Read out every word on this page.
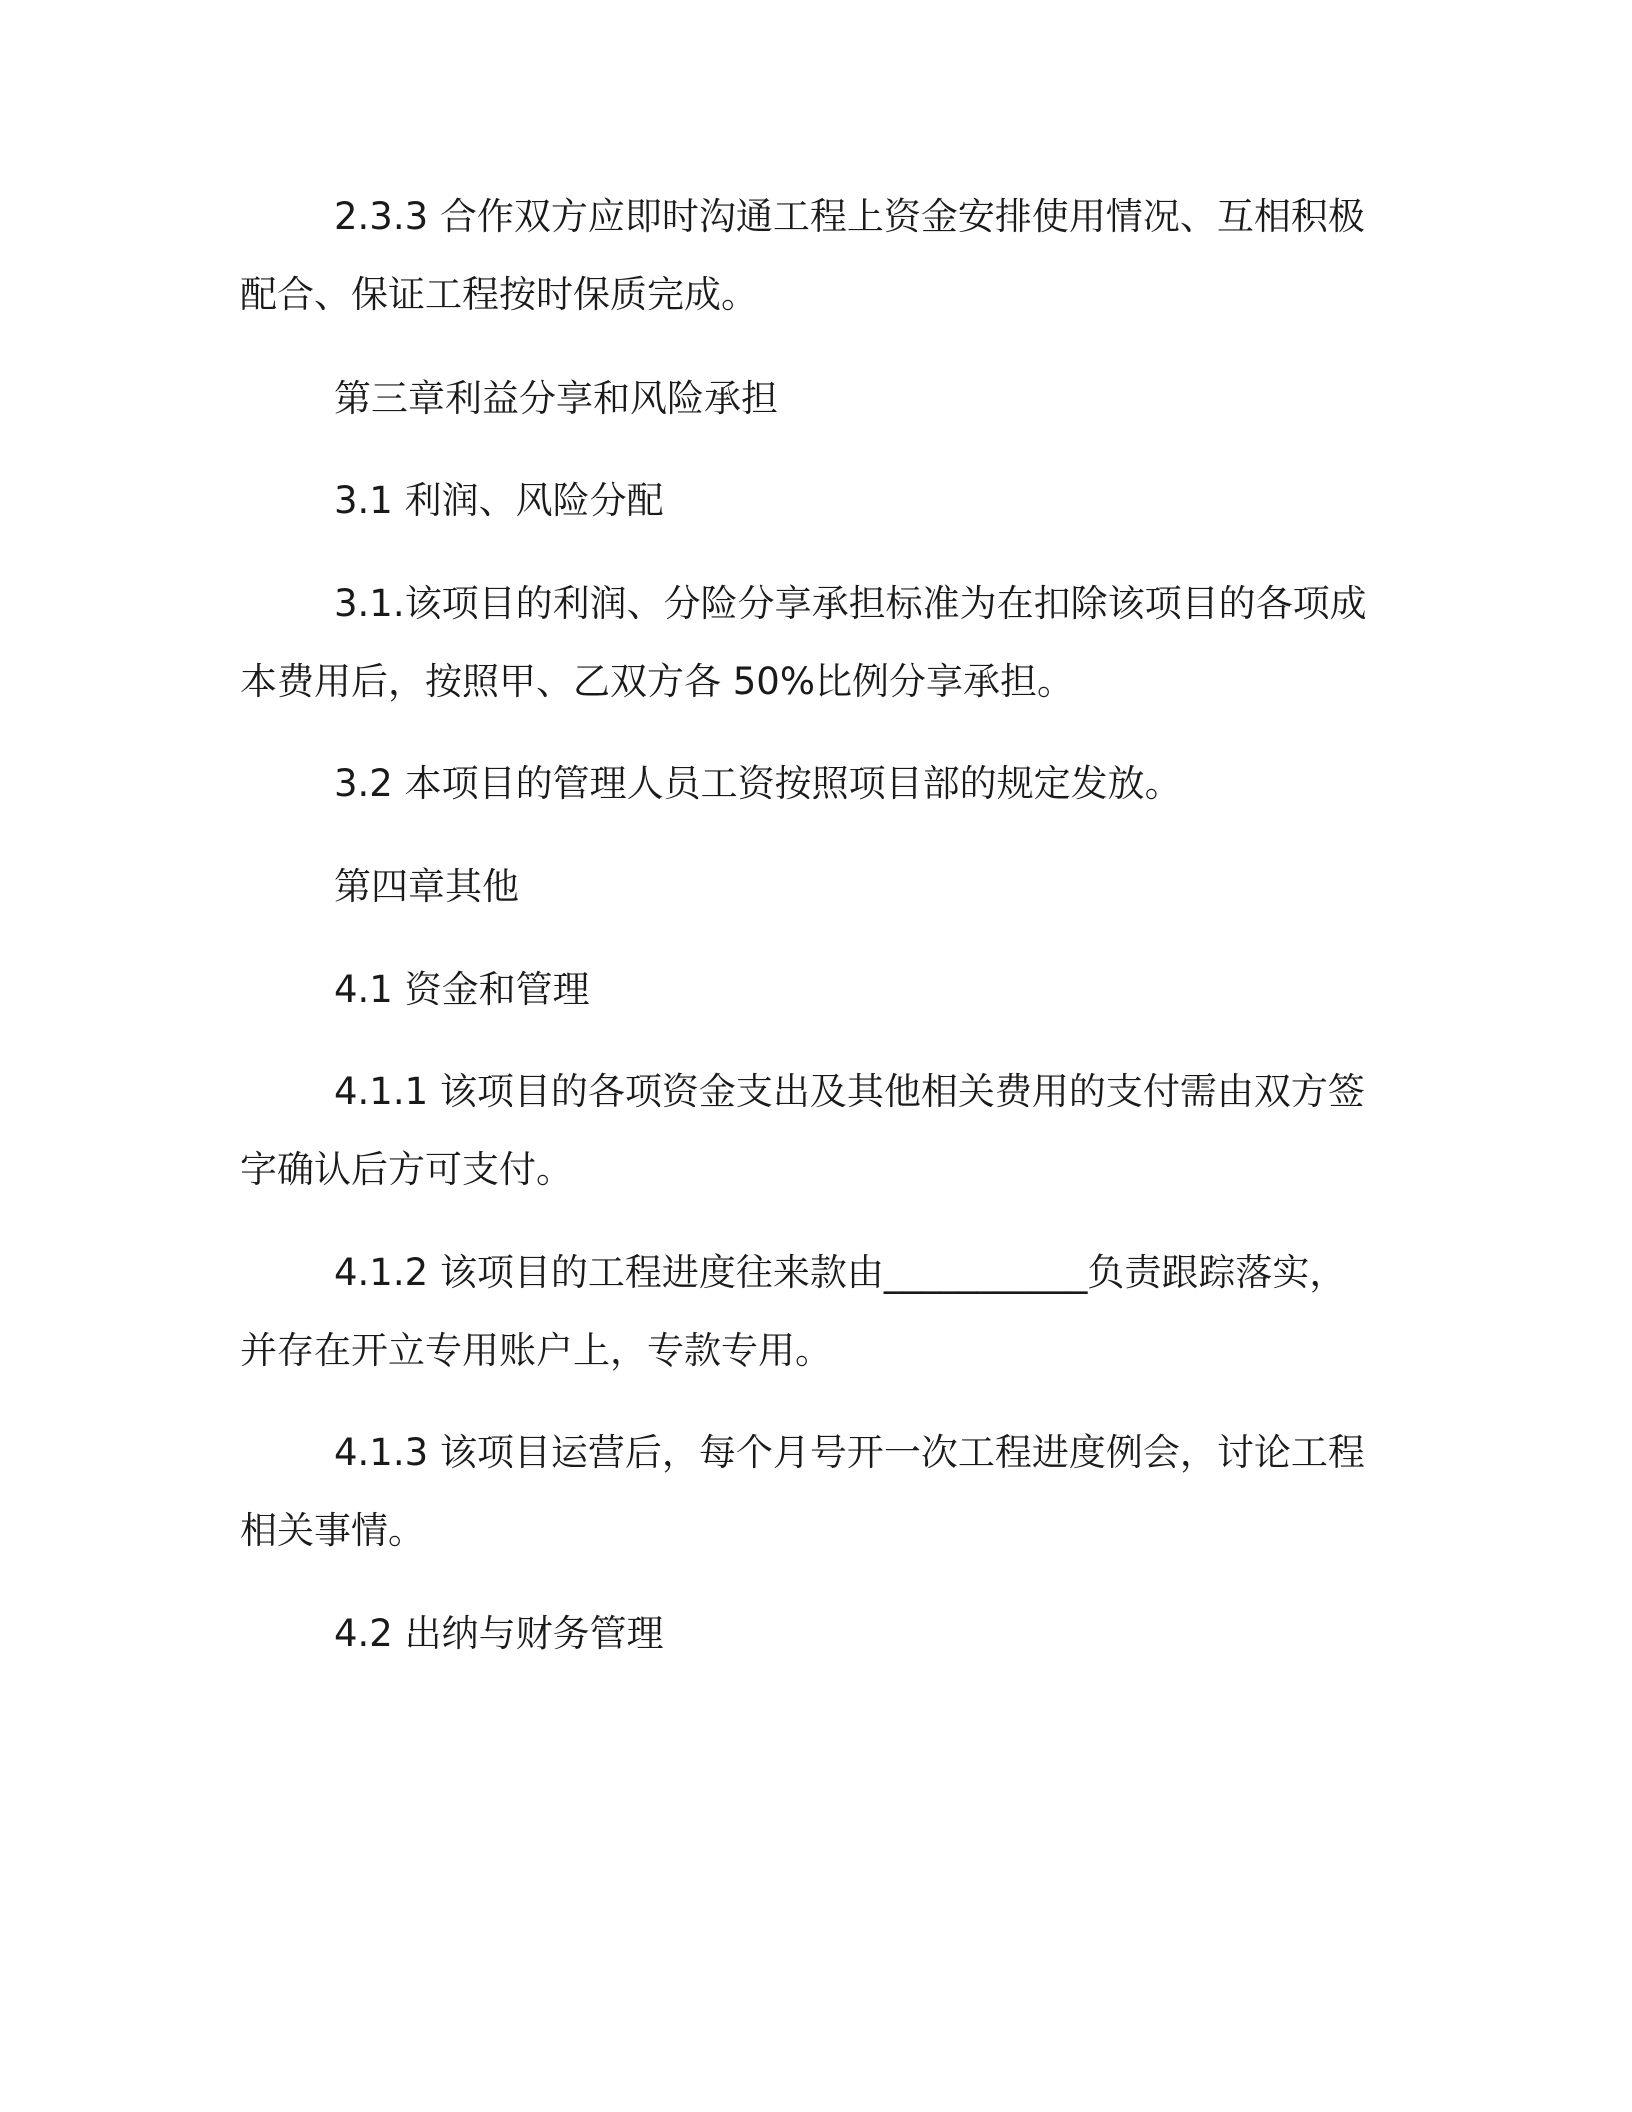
2.3.3 合作双方应即时沟通工程上资金安排使用情况、互相积极
配合、保证工程按时保质完成。

第三章利益分享和风险承担

3.1 利润、风险分配

3.1.该项目的利润、分险分享承担标准为在扣除该项目的各项成
本费用后，按照甲、乙双方各 50%比例分享承担。

3.2 本项目的管理人员工资按照项目部的规定发放。

第四章其他

4.1 资金和管理

4.1.1 该项目的各项资金支出及其他相关费用的支付需由双方签
字确认后方可支付。

4.1.2 该项目的工程进度往来款由___________负责跟踪落实，
并存在开立专用账户上，专款专用。

4.1.3 该项目运营后，每个月号开一次工程进度例会，讨论工程
相关事情。

4.2 出纳与财务管理
